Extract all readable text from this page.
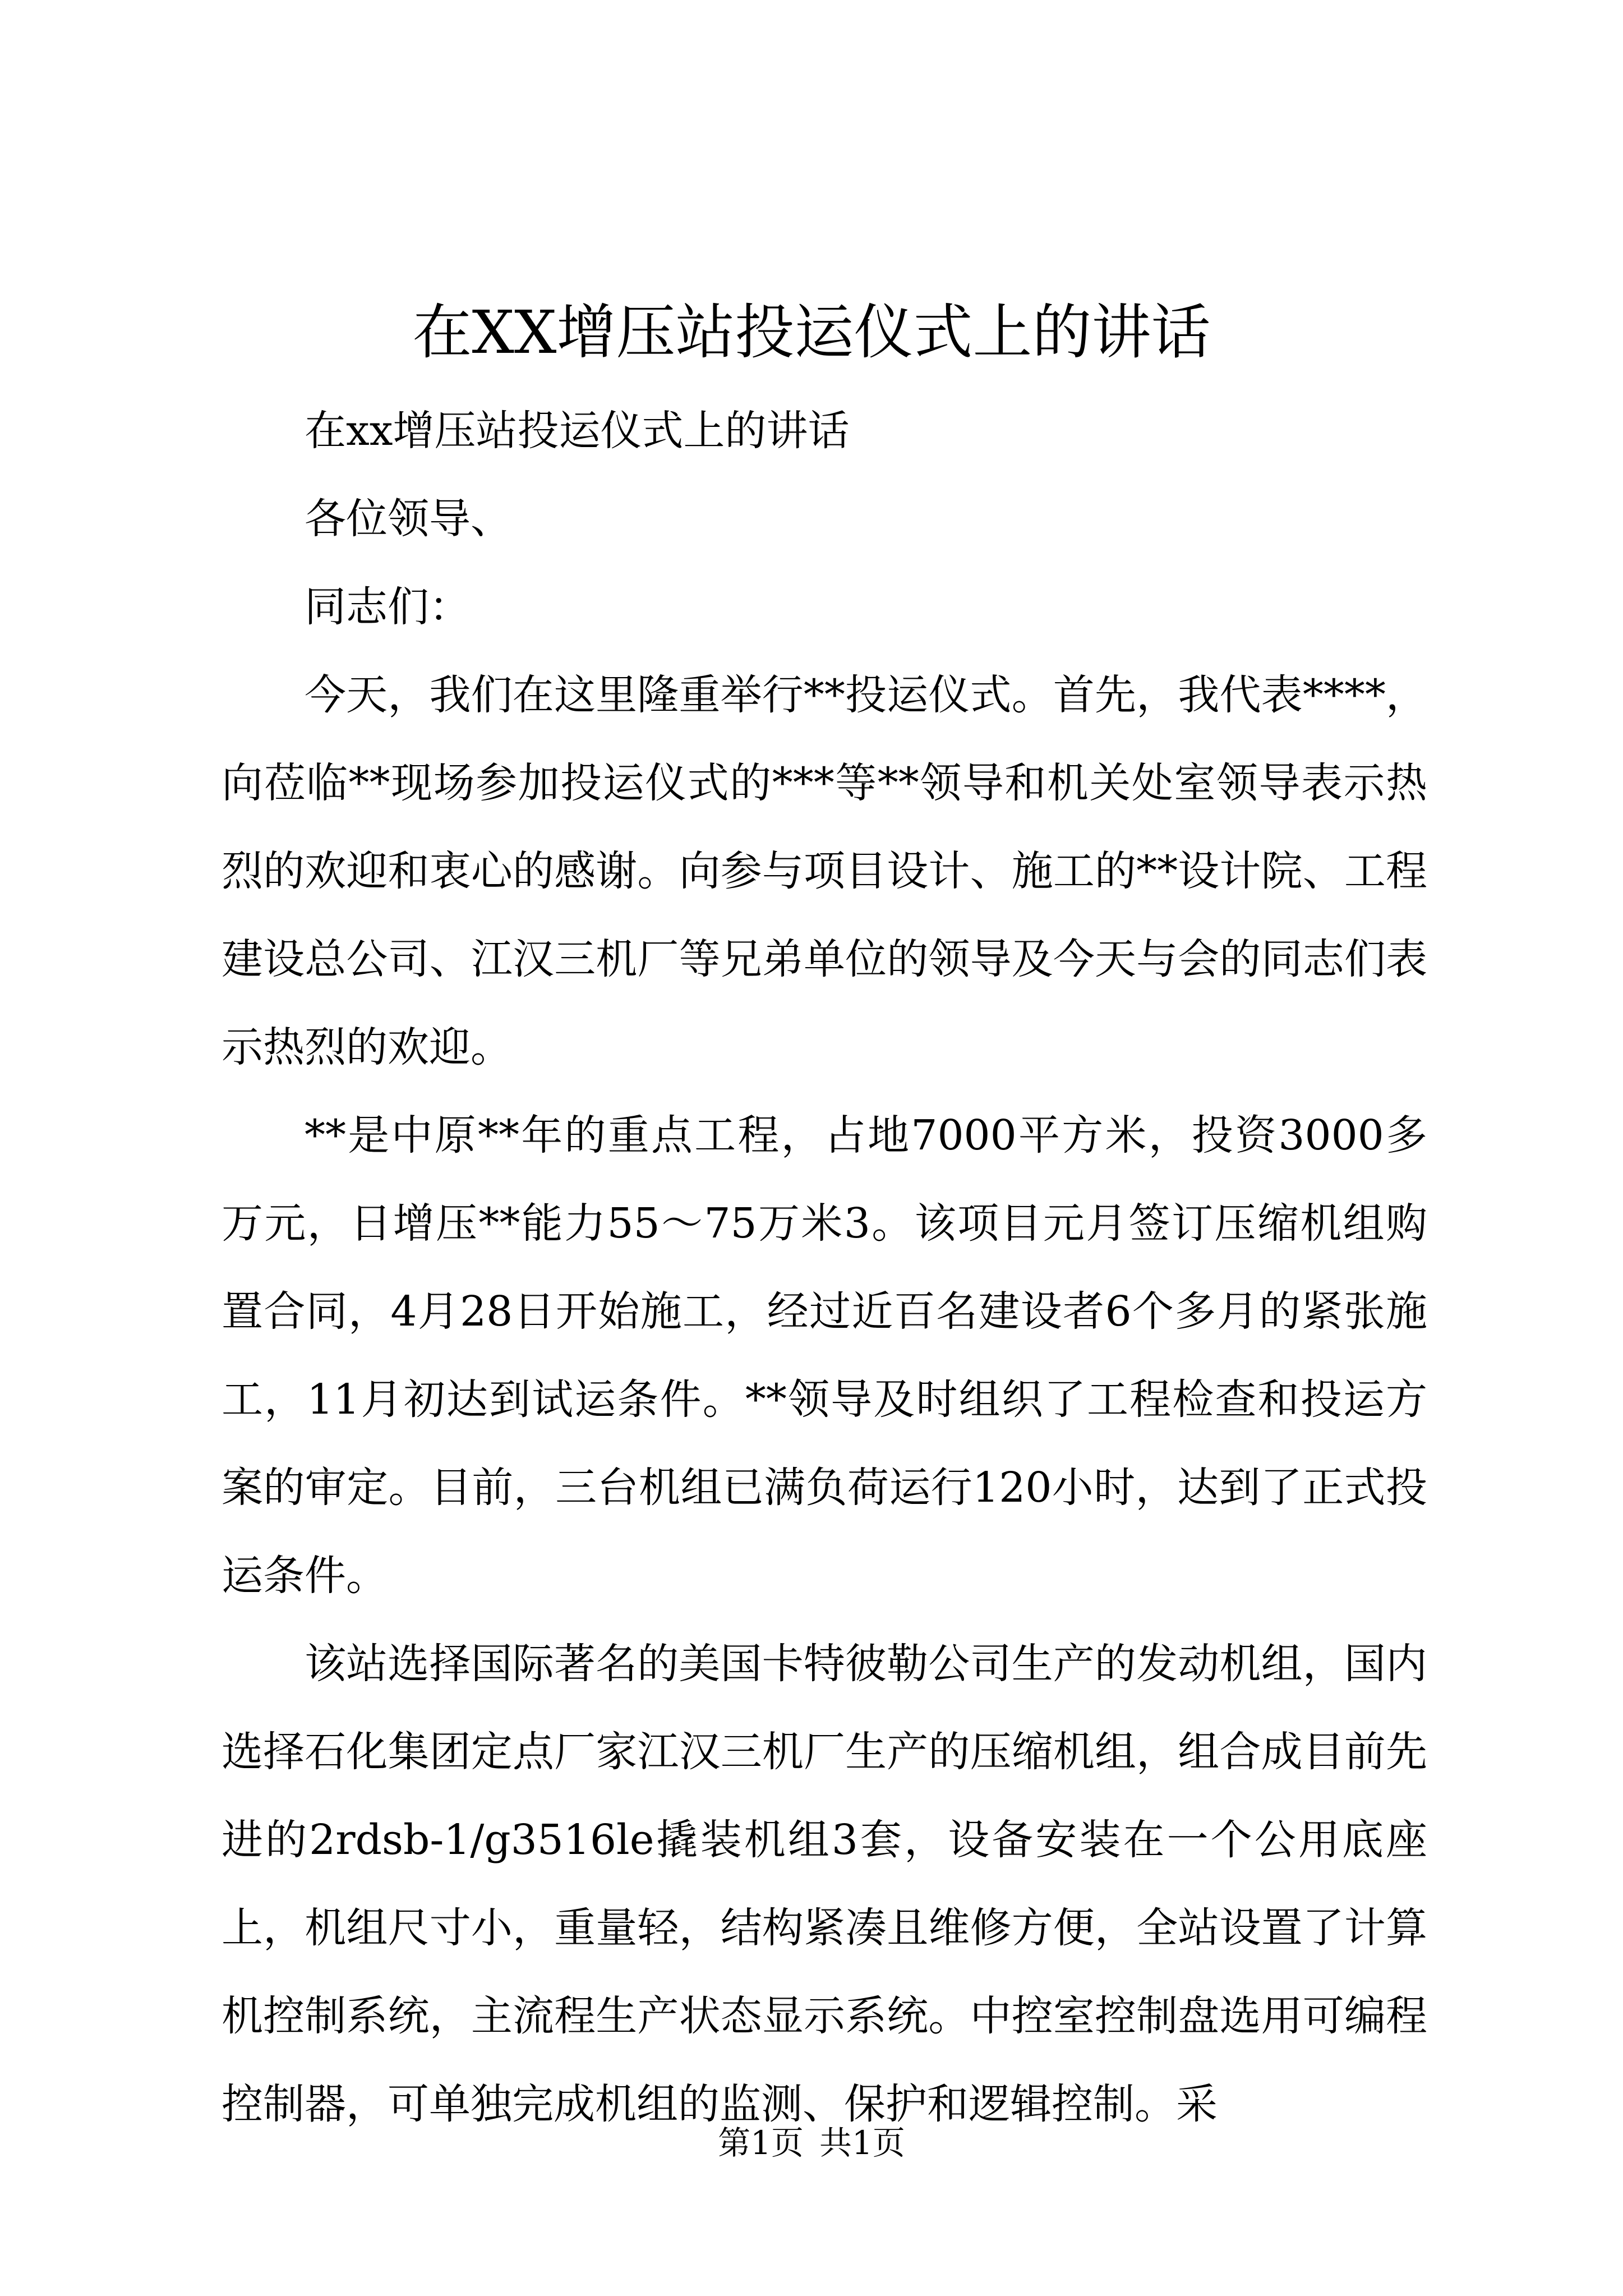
在XX增压站投运仪式上的讲话

在xx增压站投运仪式上的讲话

各位领导、

同志们：

今天，我们在这里隆重举行**投运仪式。首先，我代表****，向莅临**现场参加投运仪式的***等**领导和机关处室领导表示热烈的欢迎和衷心的感谢。向参与项目设计、施工的**设计院、工程建设总公司、江汉三机厂等兄弟单位的领导及今天与会的同志们表示热烈的欢迎。

**是中原**年的重点工程，占地7000平方米，投资3000多万元，日增压**能力55～75万米3。该项目元月签订压缩机组购置合同，4月28日开始施工，经过近百名建设者6个多月的紧张施工，11月初达到试运条件。**领导及时组织了工程检查和投运方案的审定。目前，三台机组已满负荷运行120小时，达到了正式投运条件。

该站选择国际著名的美国卡特彼勒公司生产的发动机组，国内选择石化集团定点厂家江汉三机厂生产的压缩机组，组合成目前先进的2rdsb-1/g3516le撬装机组3套，设备安装在一个公用底座上，机组尺寸小，重量轻，结构紧凑且维修方便，全站设置了计算机控制系统，主流程生产状态显示系统。中控室控制盘选用可编程控制器，可单独完成机组的监测、保护和逻辑控制。采

第1页 共1页
